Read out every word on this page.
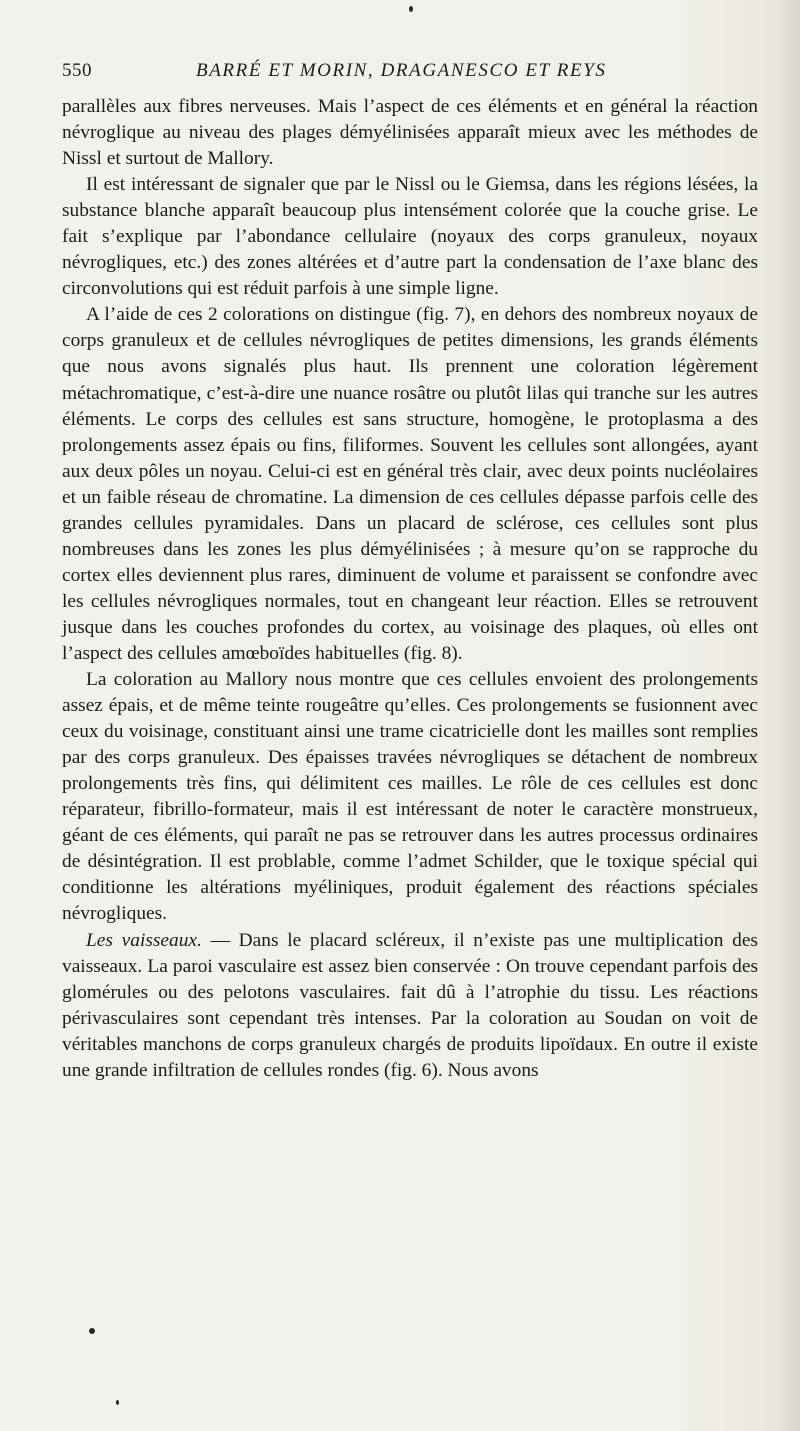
550	BARRÉ ET MORIN, DRAGANESCO ET REYS

parallèles aux fibres nerveuses. Mais l’aspect de ces éléments et en général la réaction névroglique au niveau des plages démyélinisées apparaît mieux avec les méthodes de Nissl et surtout de Mallory.

Il est intéressant de signaler que par le Nissl ou le Giemsa, dans les régions lésées, la substance blanche apparaît beaucoup plus intensément colorée que la couche grise. Le fait s’explique par l’abondance cellulaire (noyaux des corps granuleux, noyaux névrogliques, etc.) des zones altérées et d’autre part la condensation de l’axe blanc des circonvolutions qui est réduit parfois à une simple ligne.

A l’aide de ces 2 colorations on distingue (fig. 7), en dehors des nombreux noyaux de corps granuleux et de cellules névrogliques de petites dimensions, les grands éléments que nous avons signalés plus haut. Ils prennent une coloration légèrement métachromatique, c’est-à-dire une nuance rosâtre ou plutôt lilas qui tranche sur les autres éléments. Le corps des cellules est sans structure, homogène, le protoplasma a des prolongements assez épais ou fins, filiformes. Souvent les cellules sont allongées, ayant aux deux pôles un noyau. Celui-ci est en général très clair, avec deux points nucléolaires et un faible réseau de chromatine. La dimension de ces cellules dépasse parfois celle des grandes cellules pyramidales. Dans un placard de sclérose, ces cellules sont plus nombreuses dans les zones les plus démyélinisées ; à mesure qu’on se rapproche du cortex elles deviennent plus rares, diminuent de volume et paraissent se confondre avec les cellules névrogliques normales, tout en changeant leur réaction. Elles se retrouvent jusque dans les couches profondes du cortex, au voisinage des plaques, où elles ont l’aspect des cellules amœboïdes habituelles (fig. 8).

La coloration au Mallory nous montre que ces cellules envoient des prolongements assez épais, et de même teinte rougeâtre qu’elles. Ces prolongements se fusionnent avec ceux du voisinage, constituant ainsi une trame cicatricielle dont les mailles sont remplies par des corps granuleux. Des épaisses travées névrogliques se détachent de nombreux prolongements très fins, qui délimitent ces mailles. Le rôle de ces cellules est donc réparateur, fibrillo-formateur, mais il est intéressant de noter le caractère monstrueux, géant de ces éléments, qui paraît ne pas se retrouver dans les autres processus ordinaires de désintégration. Il est problable, comme l’admet Schilder, que le toxique spécial qui conditionne les altérations myéliniques, produit également des réactions spéciales névrogliques.

Les vaisseaux. — Dans le placard scléreux, il n’existe pas une multiplication des vaisseaux. La paroi vasculaire est assez bien conservée : On trouve cependant parfois des glomérules ou des pelotons vasculaires. fait dû à l’atrophie du tissu. Les réactions périvasculaires sont cependant très intenses. Par la coloration au Soudan on voit de véritables manchons de corps granuleux chargés de produits lipoïdaux. En outre il existe une grande infiltration de cellules rondes (fig. 6). Nous avons
